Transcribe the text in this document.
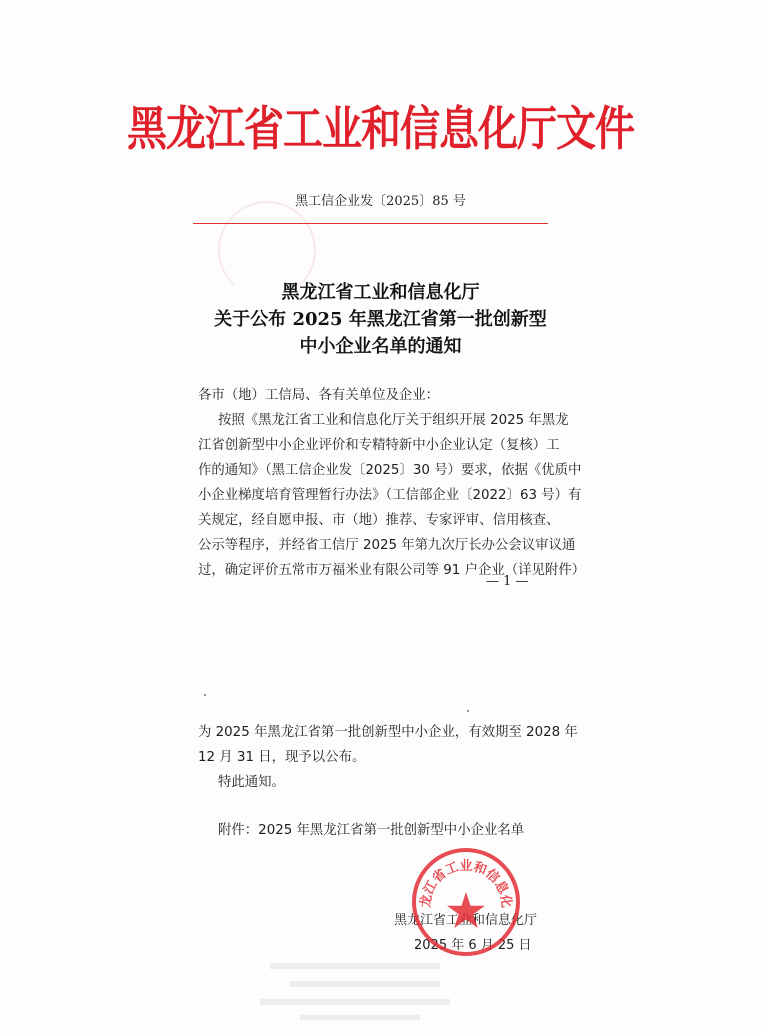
黑龙江省工业和信息化厅文件
黑工信企业发〔2025〕85 号
黑龙江省工业和信息化厅
关于公布 2025 年黑龙江省第一批创新型
中小企业名单的通知
各市（地）工信局、各有关单位及企业：
按照《黑龙江省工业和信息化厅关于组织开展 2025 年黑龙
江省创新型中小企业评价和专精特新中小企业认定（复核）工
作的通知》（黑工信企业发〔2025〕30 号）要求，依据《优质中
小企业梯度培育管理暂行办法》（工信部企业〔2022〕63 号）有
关规定，经自愿申报、市（地）推荐、专家评审、信用核查、
公示等程序，并经省工信厅 2025 年第九次厅长办公会议审议通
过，确定评价五常市万福米业有限公司等 91 户企业（详见附件）
— 1 —
为 2025 年黑龙江省第一批创新型中小企业，有效期至 2028 年
12 月 31 日，现予以公布。
特此通知。
附件：2025 年黑龙江省第一批创新型中小企业名单
黑龙江省工业和信息化厅
2025 年 6 月 25 日
龙江省工业和信息化
